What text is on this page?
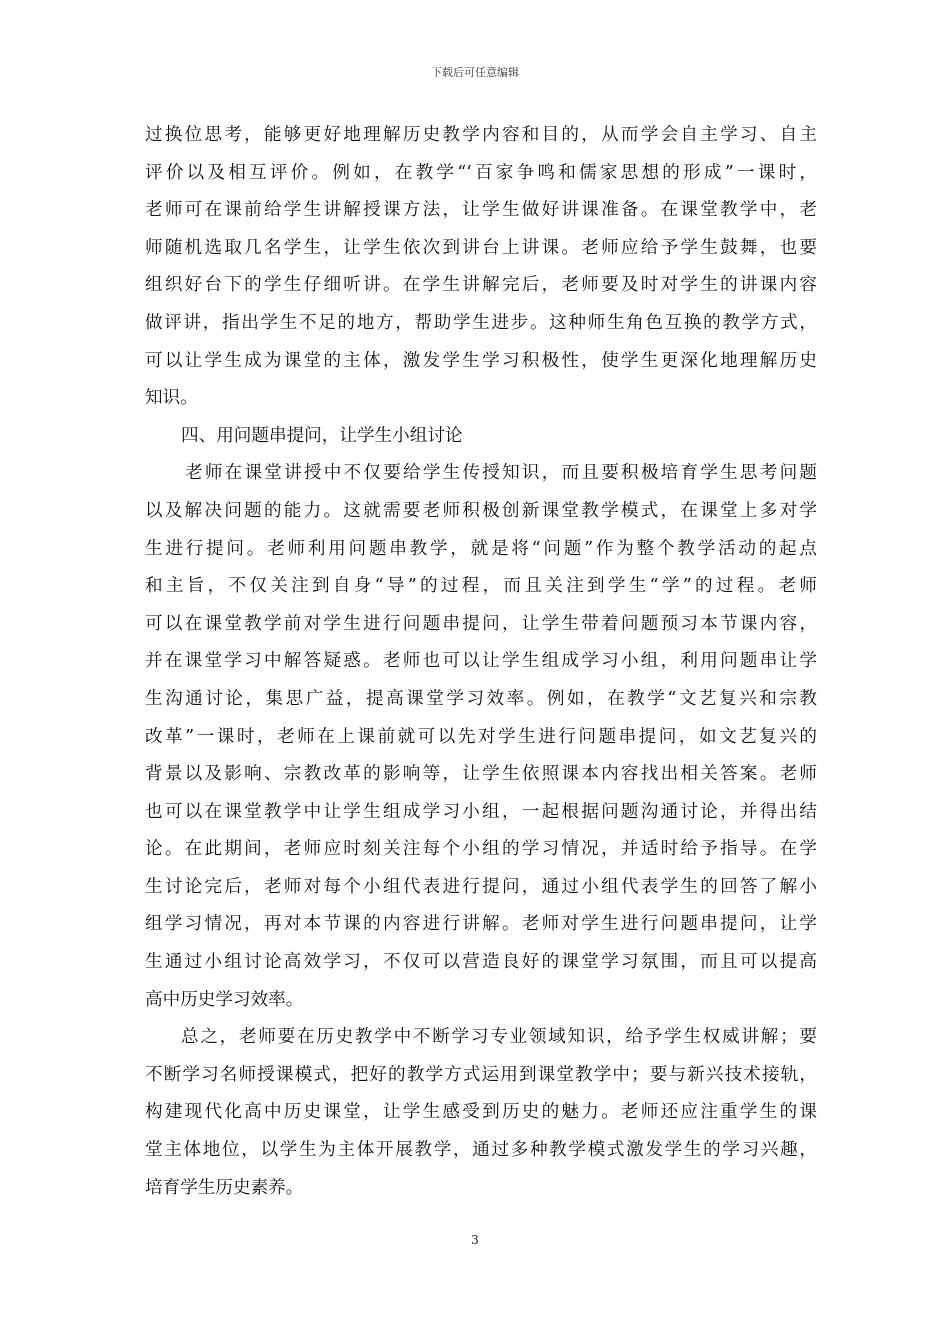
下载后可任意编辑
过换位思考，能够更好地理解历史教学内容和目的，从而学会自主学习、自主
评价以及相互评价。例如，在教学“‘百家争鸣和儒家思想的形成”一课时，
老师可在课前给学生讲解授课方法，让学生做好讲课准备。在课堂教学中，老
师随机选取几名学生，让学生依次到讲台上讲课。老师应给予学生鼓舞，也要
组织好台下的学生仔细听讲。在学生讲解完后，老师要及时对学生的讲课内容
做评讲，指出学生不足的地方，帮助学生进步。这种师生角色互换的教学方式，
可以让学生成为课堂的主体，激发学生学习积极性，使学生更深化地理解历史
知识。
四、用问题串提问，让学生小组讨论
老师在课堂讲授中不仅要给学生传授知识，而且要积极培育学生思考问题
以及解决问题的能力。这就需要老师积极创新课堂教学模式，在课堂上多对学
生进行提问。老师利用问题串教学，就是将“问题”作为整个教学活动的起点
和主旨，不仅关注到自身“导”的过程，而且关注到学生“学”的过程。老师
可以在课堂教学前对学生进行问题串提问，让学生带着问题预习本节课内容，
并在课堂学习中解答疑惑。老师也可以让学生组成学习小组，利用问题串让学
生沟通讨论，集思广益，提高课堂学习效率。例如，在教学“文艺复兴和宗教
改革”一课时，老师在上课前就可以先对学生进行问题串提问，如文艺复兴的
背景以及影响、宗教改革的影响等，让学生依照课本内容找出相关答案。老师
也可以在课堂教学中让学生组成学习小组，一起根据问题沟通讨论，并得出结
论。在此期间，老师应时刻关注每个小组的学习情况，并适时给予指导。在学
生讨论完后，老师对每个小组代表进行提问，通过小组代表学生的回答了解小
组学习情况，再对本节课的内容进行讲解。老师对学生进行问题串提问，让学
生通过小组讨论高效学习，不仅可以营造良好的课堂学习氛围，而且可以提高
高中历史学习效率。
总之，老师要在历史教学中不断学习专业领域知识，给予学生权威讲解；要
不断学习名师授课模式，把好的教学方式运用到课堂教学中；要与新兴技术接轨，
构建现代化高中历史课堂，让学生感受到历史的魅力。老师还应注重学生的课
堂主体地位，以学生为主体开展教学，通过多种教学模式激发学生的学习兴趣，
培育学生历史素养。
3
